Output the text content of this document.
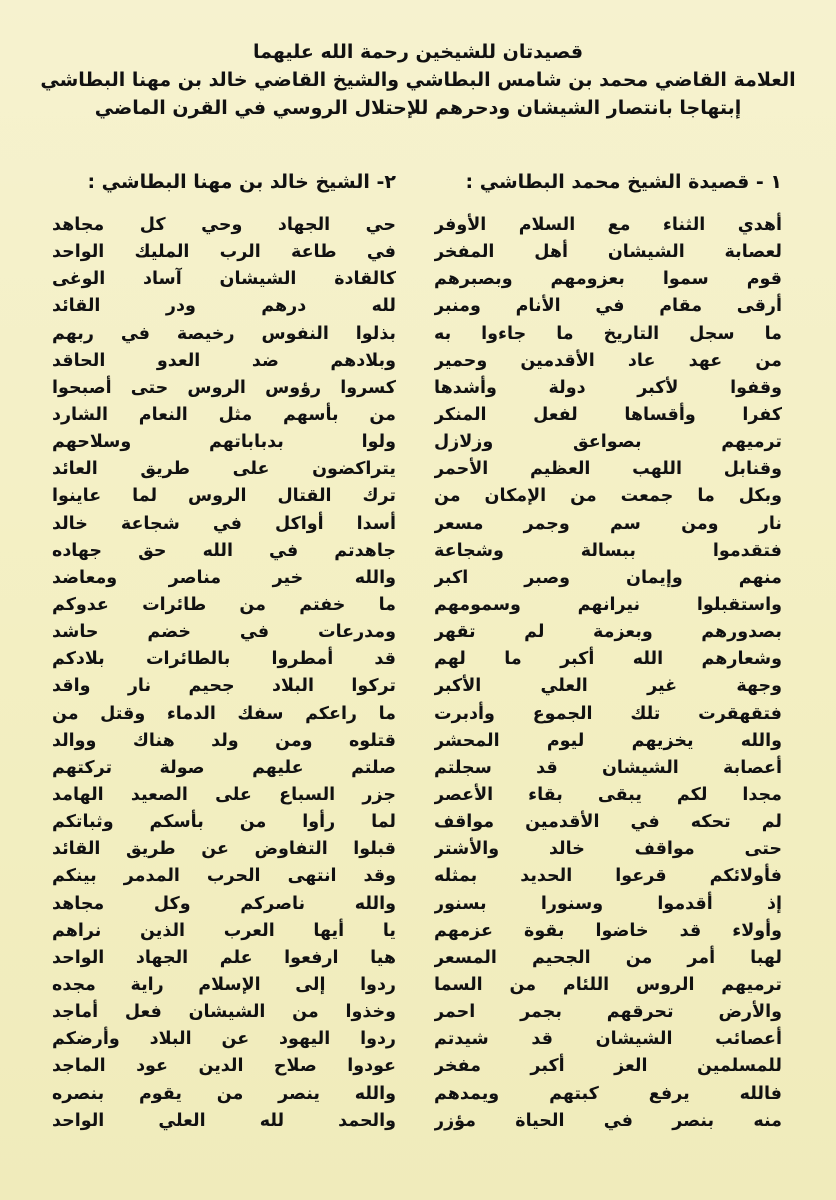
قصيدتان للشيخين رحمة الله عليهما
العلامة القاضي محمد بن شامس البطاشي والشيخ القاضي خالد بن مهنا البطاشي
إبتهاجا بانتصار الشيشان ودحرهم للإحتلال الروسي في القرن الماضي
١ - قصيدة الشيخ محمد البطاشي :
أهدي الثناء مع السلام الأوفر
لعصابة الشيشان أهل المفخر
قوم سموا بعزومهم وبصبرهم
أرقى مقام في الأنام ومنبر
ما سجل التاريخ ما جاءوا به
من عهد عاد الأقدمين وحمير
وقفوا لأكبر دولة وأشدها
كفرا وأقساها لفعل المنكر
ترميهم بصواعق وزلازل
وقنابل اللهب العظيم الأحمر
وبكل ما جمعت من الإمكان من
نار ومن سم وجمر مسعر
فتقدموا ببسالة وشجاعة
منهم وإيمان وصبر اكبر
واستقبلوا نيرانهم وسمومهم
بصدورهم وبعزمة لم تقهر
وشعارهم الله أكبر ما لهم
وجهة غير العلي الأكبر
فتقهقرت تلك الجموع وأدبرت
والله يخزيهم ليوم المحشر
أعصابة الشيشان قد سجلتم
مجدا لكم يبقى بقاء الأعصر
لم تحكه في الأقدمين مواقف
حتى مواقف خالد والأشتر
فأولائكم قرعوا الحديد بمثله
إذ أقدموا وسنورا بسنور
وأولاء قد خاضوا بقوة عزمهم
لهبا أمر من الجحيم المسعر
ترميهم الروس اللئام من السما
والأرض تحرقهم بجمر احمر
أعصائب الشيشان قد شيدتم
للمسلمين العز أكبر مفخر
فالله يرفع كبتهم ويمدهم
منه بنصر في الحياة مؤزر
٢- الشيخ خالد بن مهنا البطاشي :
حي الجهاد وحي كل مجاهد
في طاعة الرب المليك الواحد
كالقادة الشيشان آساد الوغى
لله درهم ودر القائد
بذلوا النفوس رخيصة في ربهم
وبلادهم ضد العدو الحاقد
كسروا رؤوس الروس حتى أصبحوا
من بأسهم مثل النعام الشارد
ولوا بدباباتهم وسلاحهم
يتراكضون على طريق العائد
ترك القتال الروس لما عاينوا
أسدا أواكل في شجاعة خالد
جاهدتم في الله حق جهاده
والله خير مناصر ومعاضد
ما خفتم من طائرات عدوكم
ومدرعات في خضم حاشد
قد أمطروا بالطائرات بلادكم
تركوا البلاد جحيم نار واقد
ما راعكم سفك الدماء وقتل من
قتلوه ومن ولد هناك ووالد
صلتم عليهم صولة تركتهم
جزر السباع على الصعيد الهامد
لما رأوا من بأسكم وثباتكم
قبلوا التفاوض عن طريق القائد
وقد انتهى الحرب المدمر بينكم
والله ناصركم وكل مجاهد
يا أيها العرب الذين نراهم
هيا ارفعوا علم الجهاد الواحد
ردوا إلى الإسلام راية مجده
وخذوا من الشيشان فعل أماجد
ردوا اليهود عن البلاد وأرضكم
عودوا صلاح الدين عود الماجد
والله ينصر من يقوم بنصره
والحمد لله العلي الواحد
